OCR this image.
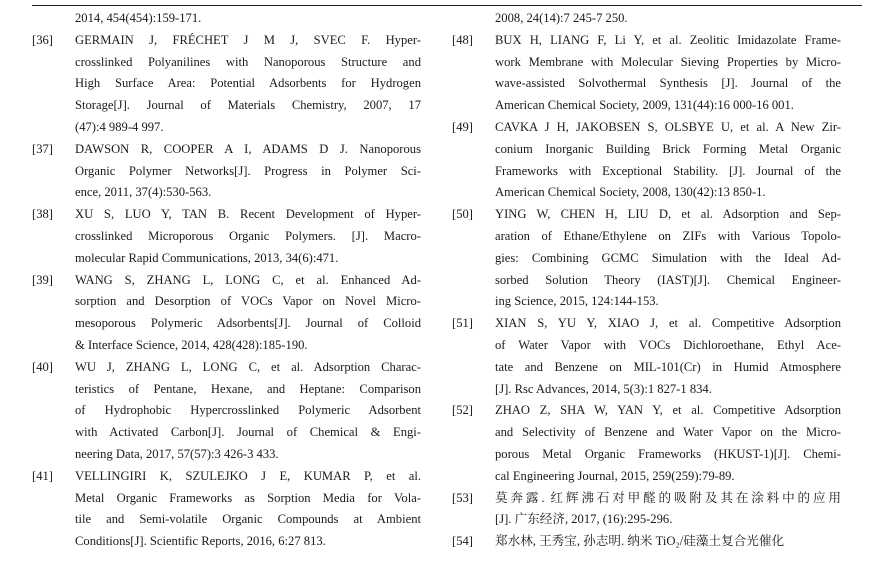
2014, 454(454):159-171.
[36]	GERMAIN J, FRÉCHET J M J, SVEC F. Hyper-
crosslinked Polyanilines with Nanoporous Structure and
High Surface Area: Potential Adsorbents for Hydrogen
Storage[J]. Journal of Materials Chemistry, 2007, 17
(47):4 989-4 997.
[37]	DAWSON R, COOPER A I, ADAMS D J. Nanoporous
Organic Polymer Networks[J]. Progress in Polymer Sci-
ence, 2011, 37(4):530-563.
[38]	XU S, LUO Y, TAN B. Recent Development of Hyper-
crosslinked Microporous Organic Polymers. [J]. Macro-
molecular Rapid Communications, 2013, 34(6):471.
[39]	WANG S, ZHANG L, LONG C, et al. Enhanced Ad-
sorption and Desorption of VOCs Vapor on Novel Micro-
mesoporous Polymeric Adsorbents[J]. Journal of Colloid
& Interface Science, 2014, 428(428):185-190.
[40]	WU J, ZHANG L, LONG C, et al. Adsorption Charac-
teristics of Pentane, Hexane, and Heptane: Comparison
of Hydrophobic Hypercrosslinked Polymeric Adsorbent
with Activated Carbon[J]. Journal of Chemical & Engi-
neering Data, 2017, 57(57):3 426-3 433.
[41]	VELLINGIRI K, SZULEJKO J E, KUMAR P, et al.
Metal Organic Frameworks as Sorption Media for Vola-
tile and Semi-volatile Organic Compounds at Ambient
Conditions[J]. Scientific Reports, 2016, 6:27 813.
2008, 24(14):7 245-7 250.
[48]	BUX H, LIANG F, Li Y, et al. Zeolitic Imidazolate Frame-
work Membrane with Molecular Sieving Properties by Micro-
wave-assisted Solvothermal Synthesis [J]. Journal of the
American Chemical Society, 2009, 131(44):16 000-16 001.
[49]	CAVKA J H, JAKOBSEN S, OLSBYE U, et al. A New Zir-
conium Inorganic Building Brick Forming Metal Organic
Frameworks with Exceptional Stability. [J]. Journal of the
American Chemical Society, 2008, 130(42):13 850-1.
[50]	YING W, CHEN H, LIU D, et al. Adsorption and Sep-
aration of Ethane/Ethylene on ZIFs with Various Topolo-
gies: Combining GCMC Simulation with the Ideal Ad-
sorbed Solution Theory (IAST)[J]. Chemical Engineer-
ing Science, 2015, 124:144-153.
[51]	XIAN S, YU Y, XIAO J, et al. Competitive Adsorption
of Water Vapor with VOCs Dichloroethane, Ethyl Ace-
tate and Benzene on MIL-101(Cr) in Humid Atmosphere
[J]. Rsc Advances, 2014, 5(3):1 827-1 834.
[52]	ZHAO Z, SHA W, YAN Y, et al. Competitive Adsorption
and Selectivity of Benzene and Water Vapor on the Micro-
porous Metal Organic Frameworks (HKUST-1)[J]. Chemi-
cal Engineering Journal, 2015, 259(259):79-89.
[53]	莫奔露. 红辉沸石对甲醛的吸附及其在涂料中的应用
[J]. 广东经济, 2017, (16):295-296.
[54]	郑水林, 王秀宝, 孙志明. 纳米 TiO₂/硅藻土复合光催化
